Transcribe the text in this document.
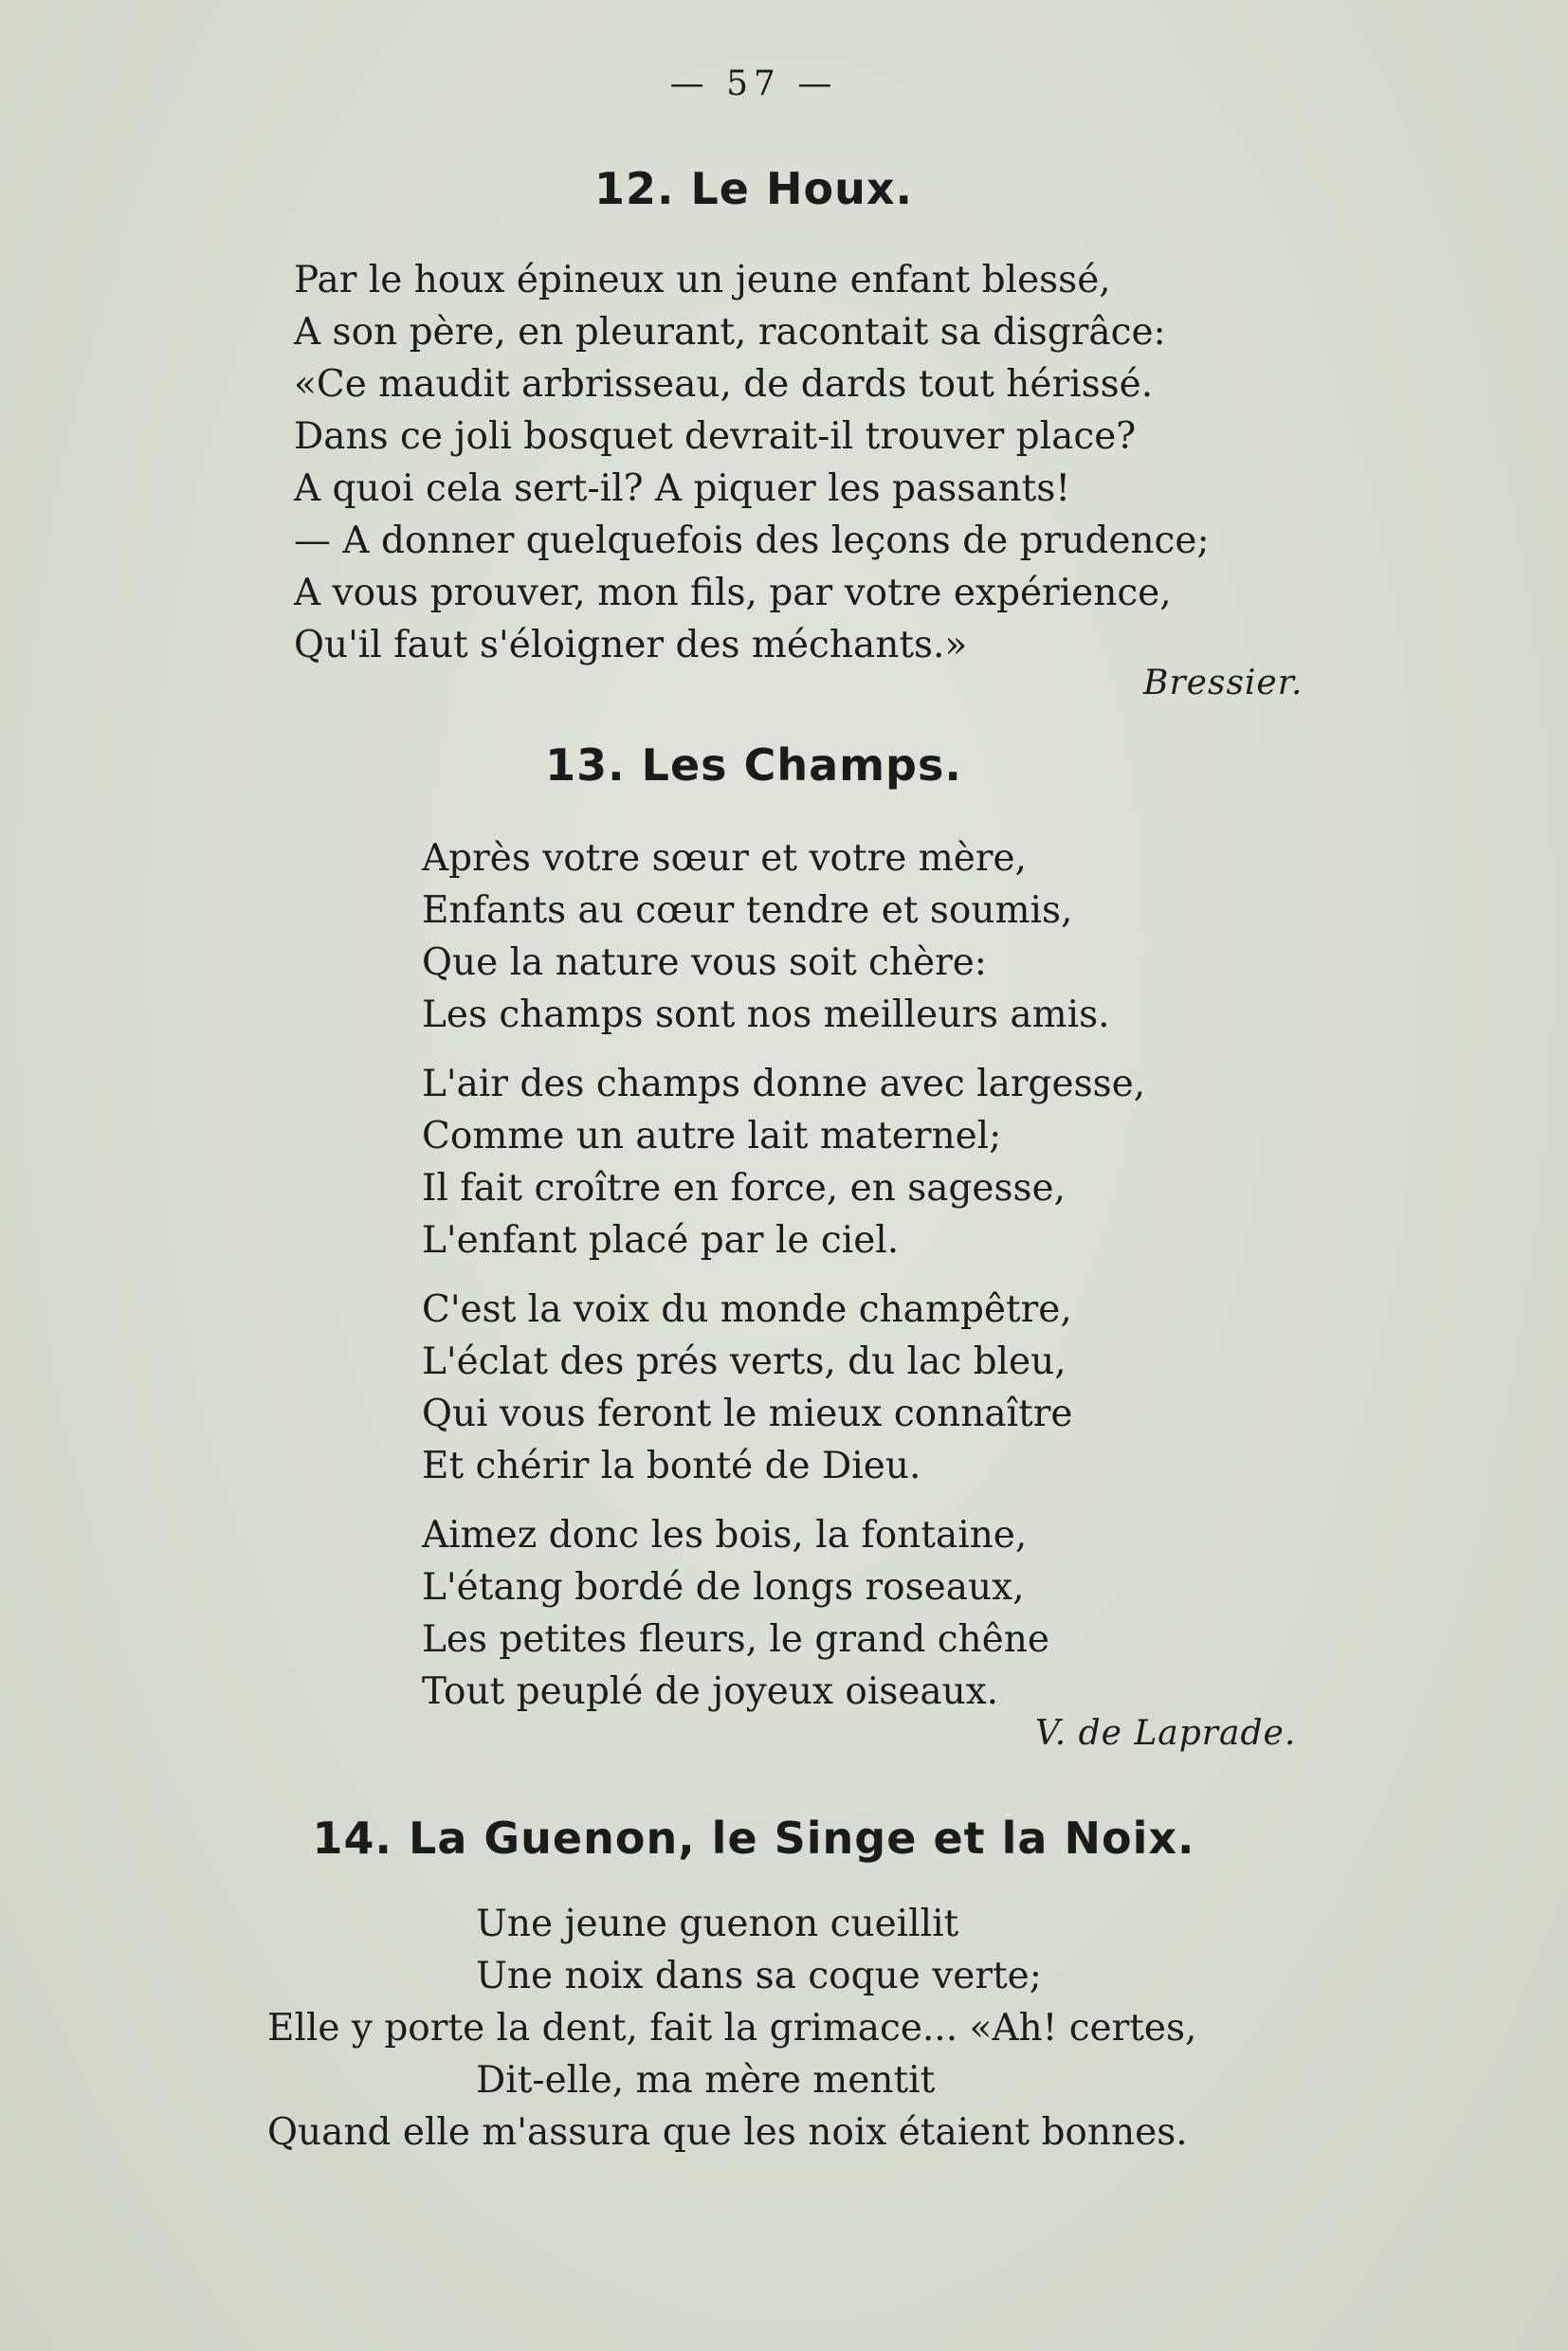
— 57 —
12. Le Houx.
Par le houx épineux un jeune enfant blessé,
A son père, en pleurant, racontait sa disgrâce:
«Ce maudit arbrisseau, de dards tout hérissé.
Dans ce joli bosquet devrait-il trouver place?
A quoi cela sert-il? A piquer les passants!
— A donner quelquefois des leçons de prudence;
A vous prouver, mon fils, par votre expérience,
Qu'il faut s'éloigner des méchants.»
Bressier.
13. Les Champs.
Après votre sœur et votre mère,
Enfants au cœur tendre et soumis,
Que la nature vous soit chère:
Les champs sont nos meilleurs amis.
L'air des champs donne avec largesse,
Comme un autre lait maternel;
Il fait croître en force, en sagesse,
L'enfant placé par le ciel.
C'est la voix du monde champêtre,
L'éclat des prés verts, du lac bleu,
Qui vous feront le mieux connaître
Et chérir la bonté de Dieu.
Aimez donc les bois, la fontaine,
L'étang bordé de longs roseaux,
Les petites fleurs, le grand chêne
Tout peuplé de joyeux oiseaux.
V. de Laprade.
14. La Guenon, le Singe et la Noix.
Une jeune guenon cueillit
Une noix dans sa coque verte;
Elle y porte la dent, fait la grimace... «Ah! certes,
Dit-elle, ma mère mentit
Quand elle m'assura que les noix étaient bonnes.
